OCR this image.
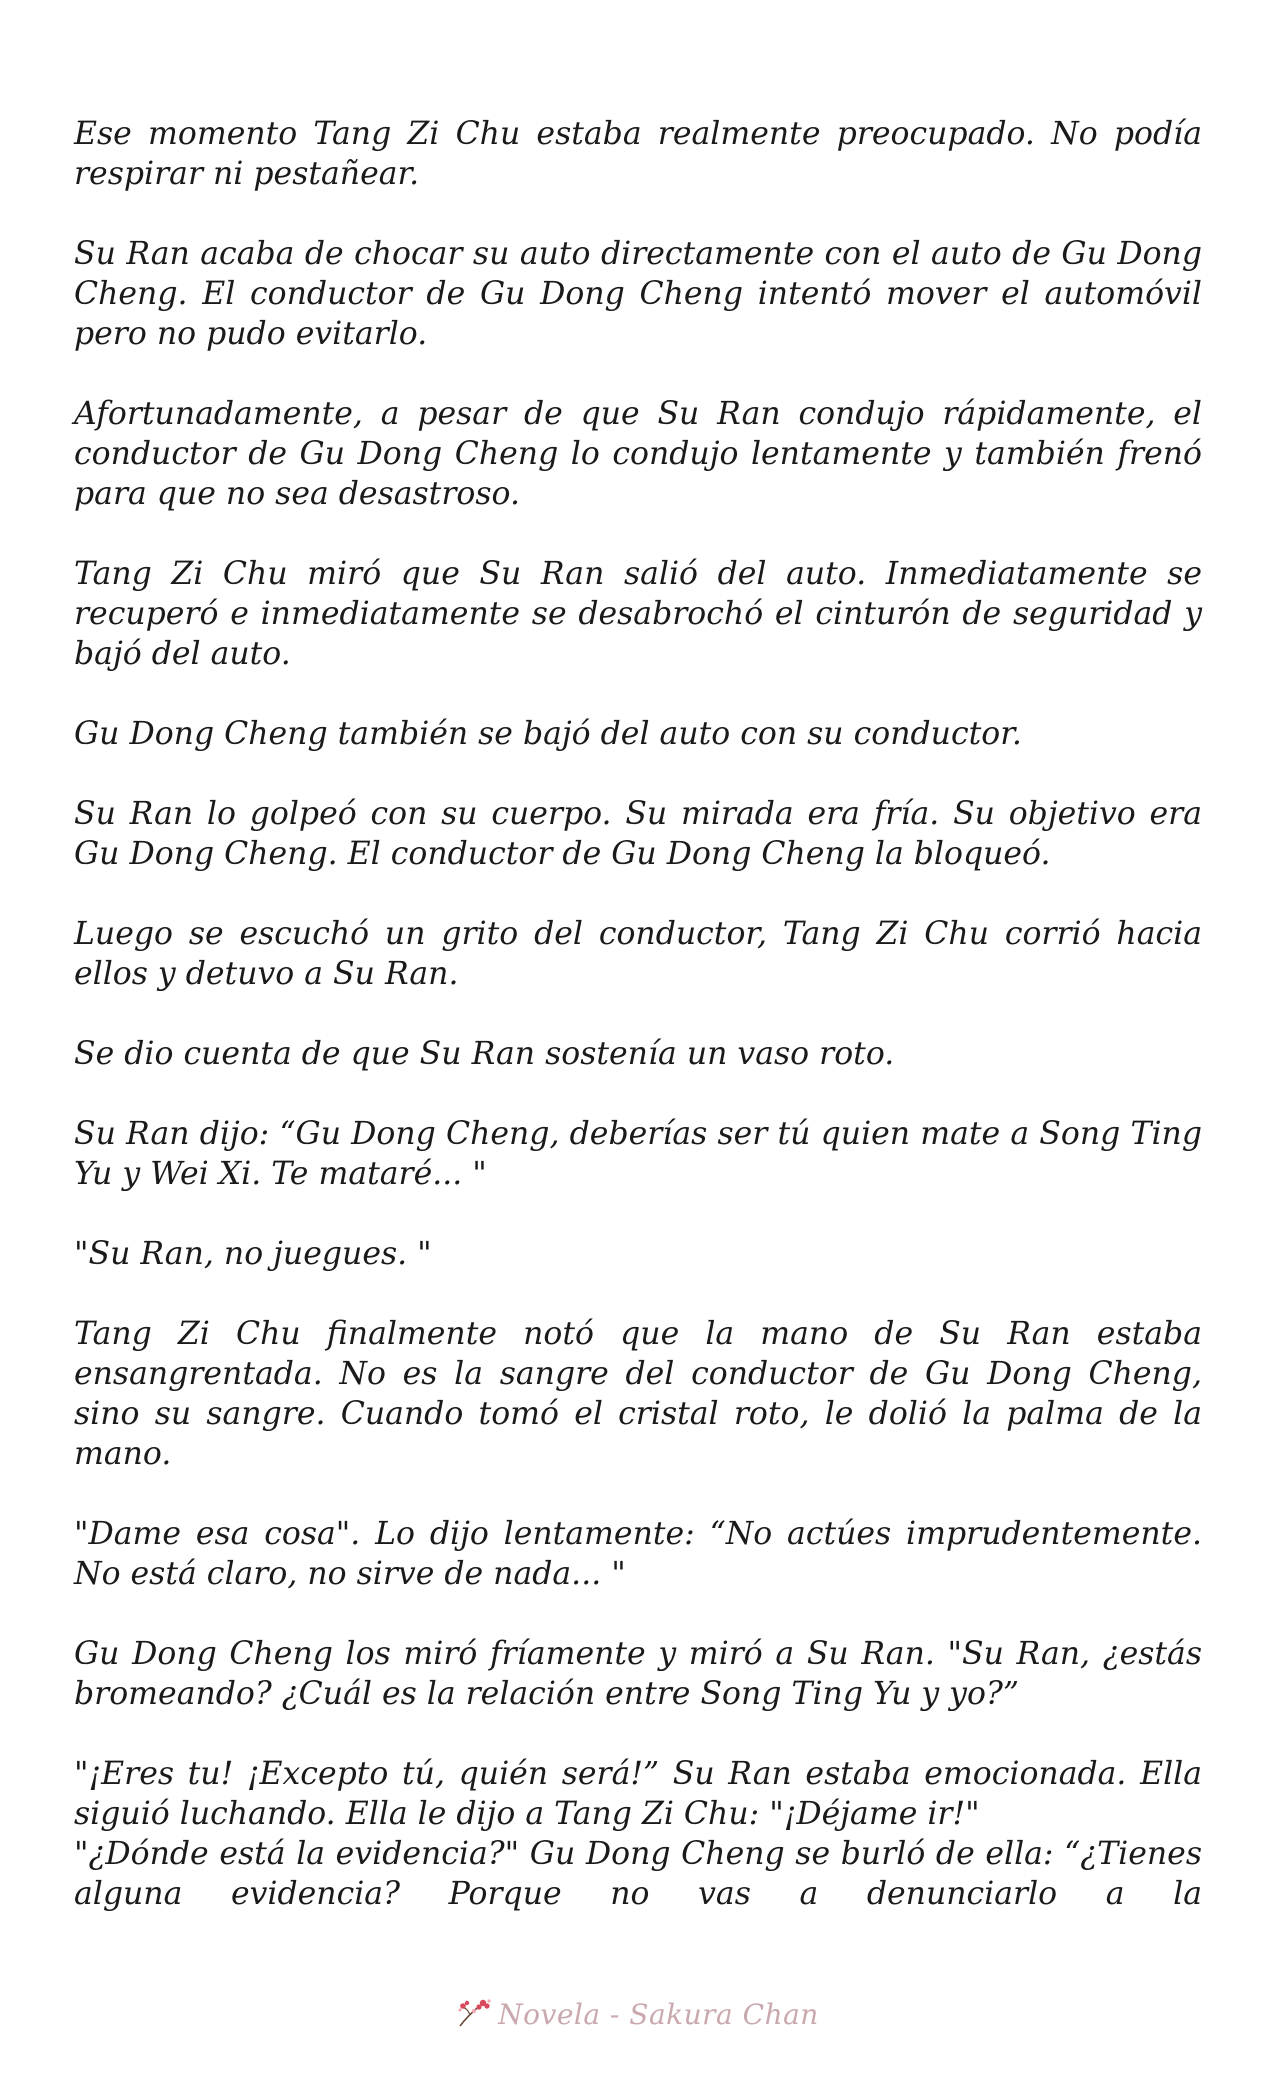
Ese momento Tang Zi Chu estaba realmente preocupado. No podía respirar ni pestañear.

Su Ran acaba de chocar su auto directamente con el auto de Gu Dong Cheng. El conductor de Gu Dong Cheng intentó mover el automóvil pero no pudo evitarlo.

Afortunadamente, a pesar de que Su Ran condujo rápidamente, el conductor de Gu Dong Cheng lo condujo lentamente y también frenó para que no sea desastroso.

Tang Zi Chu miró que Su Ran salió del auto. Inmediatamente se recuperó e inmediatamente se desabrochó el cinturón de seguridad y bajó del auto.

Gu Dong Cheng también se bajó del auto con su conductor.

Su Ran lo golpeó con su cuerpo. Su mirada era fría. Su objetivo era Gu Dong Cheng. El conductor de Gu Dong Cheng la bloqueó.

Luego se escuchó un grito del conductor, Tang Zi Chu corrió hacia ellos y detuvo a Su Ran.

Se dio cuenta de que Su Ran sostenía un vaso roto.

Su Ran dijo: “Gu Dong Cheng, deberías ser tú quien mate a Song Ting Yu y Wei Xi. Te mataré... "

"Su Ran, no juegues. "

Tang Zi Chu finalmente notó que la mano de Su Ran estaba ensangrentada. No es la sangre del conductor de Gu Dong Cheng, sino su sangre. Cuando tomó el cristal roto, le dolió la palma de la mano.

"Dame esa cosa". Lo dijo lentamente: “No actúes imprudentemente. No está claro, no sirve de nada... "

Gu Dong Cheng los miró fríamente y miró a Su Ran. "Su Ran, ¿estás bromeando? ¿Cuál es la relación entre Song Ting Yu y yo?”

"¡Eres tu! ¡Excepto tú, quién será!” Su Ran estaba emocionada. Ella siguió luchando. Ella le dijo a Tang Zi Chu: "¡Déjame ir!"

"¿Dónde está la evidencia?" Gu Dong Cheng se burló de ella: “¿Tienes alguna evidencia? Porque no vas a denunciarlo a la

Novela - Sakura Chan
